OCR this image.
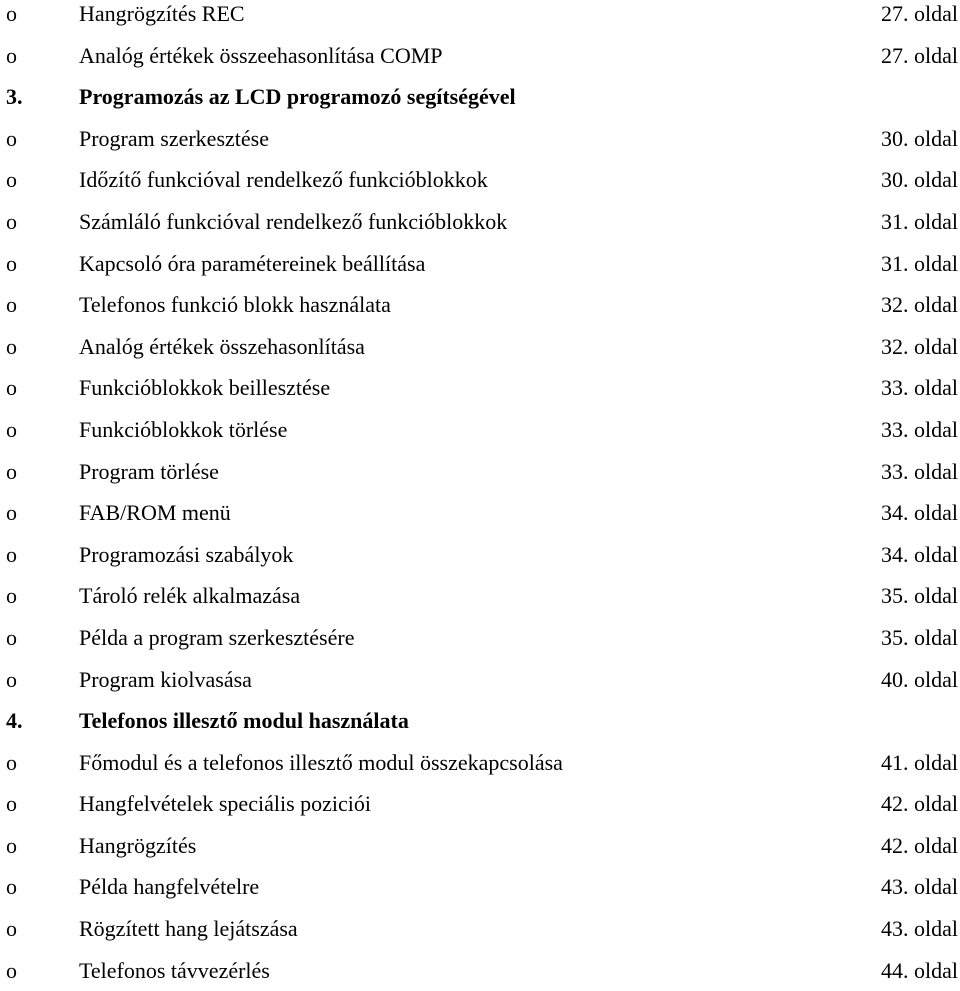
o	Hangrögzítés REC	27. oldal
o	Analóg értékek összeehasonlítása COMP	27. oldal
3.	Programozás az LCD programozó segítségével
o	Program szerkesztése	30. oldal
o	Időzítő funkcióval rendelkező funkcióblokkok	30. oldal
o	Számláló funkcióval rendelkező funkcióblokkok	31. oldal
o	Kapcsoló óra paramétereinek beállítása	31. oldal
o	Telefonos funkció blokk használata	32. oldal
o	Analóg értékek összehasonlítása	32. oldal
o	Funkcióblokkok beillesztése	33. oldal
o	Funkcióblokkok törlése	33. oldal
o	Program törlése	33. oldal
o	FAB/ROM menü	34. oldal
o	Programozási szabályok	34. oldal
o	Tároló relék alkalmazása	35. oldal
o	Példa a program szerkesztésére	35. oldal
o	Program kiolvasása	40. oldal
4.	Telefonos illesztő modul használata
o	Főmodul és a telefonos illesztő modul összekapcsolása	41. oldal
o	Hangfelvételek speciális poziciói	42. oldal
o	Hangrögzítés	42. oldal
o	Példa hangfelvételre	43. oldal
o	Rögzített hang lejátszása	43. oldal
o	Telefonos távvezérlés	44. oldal
